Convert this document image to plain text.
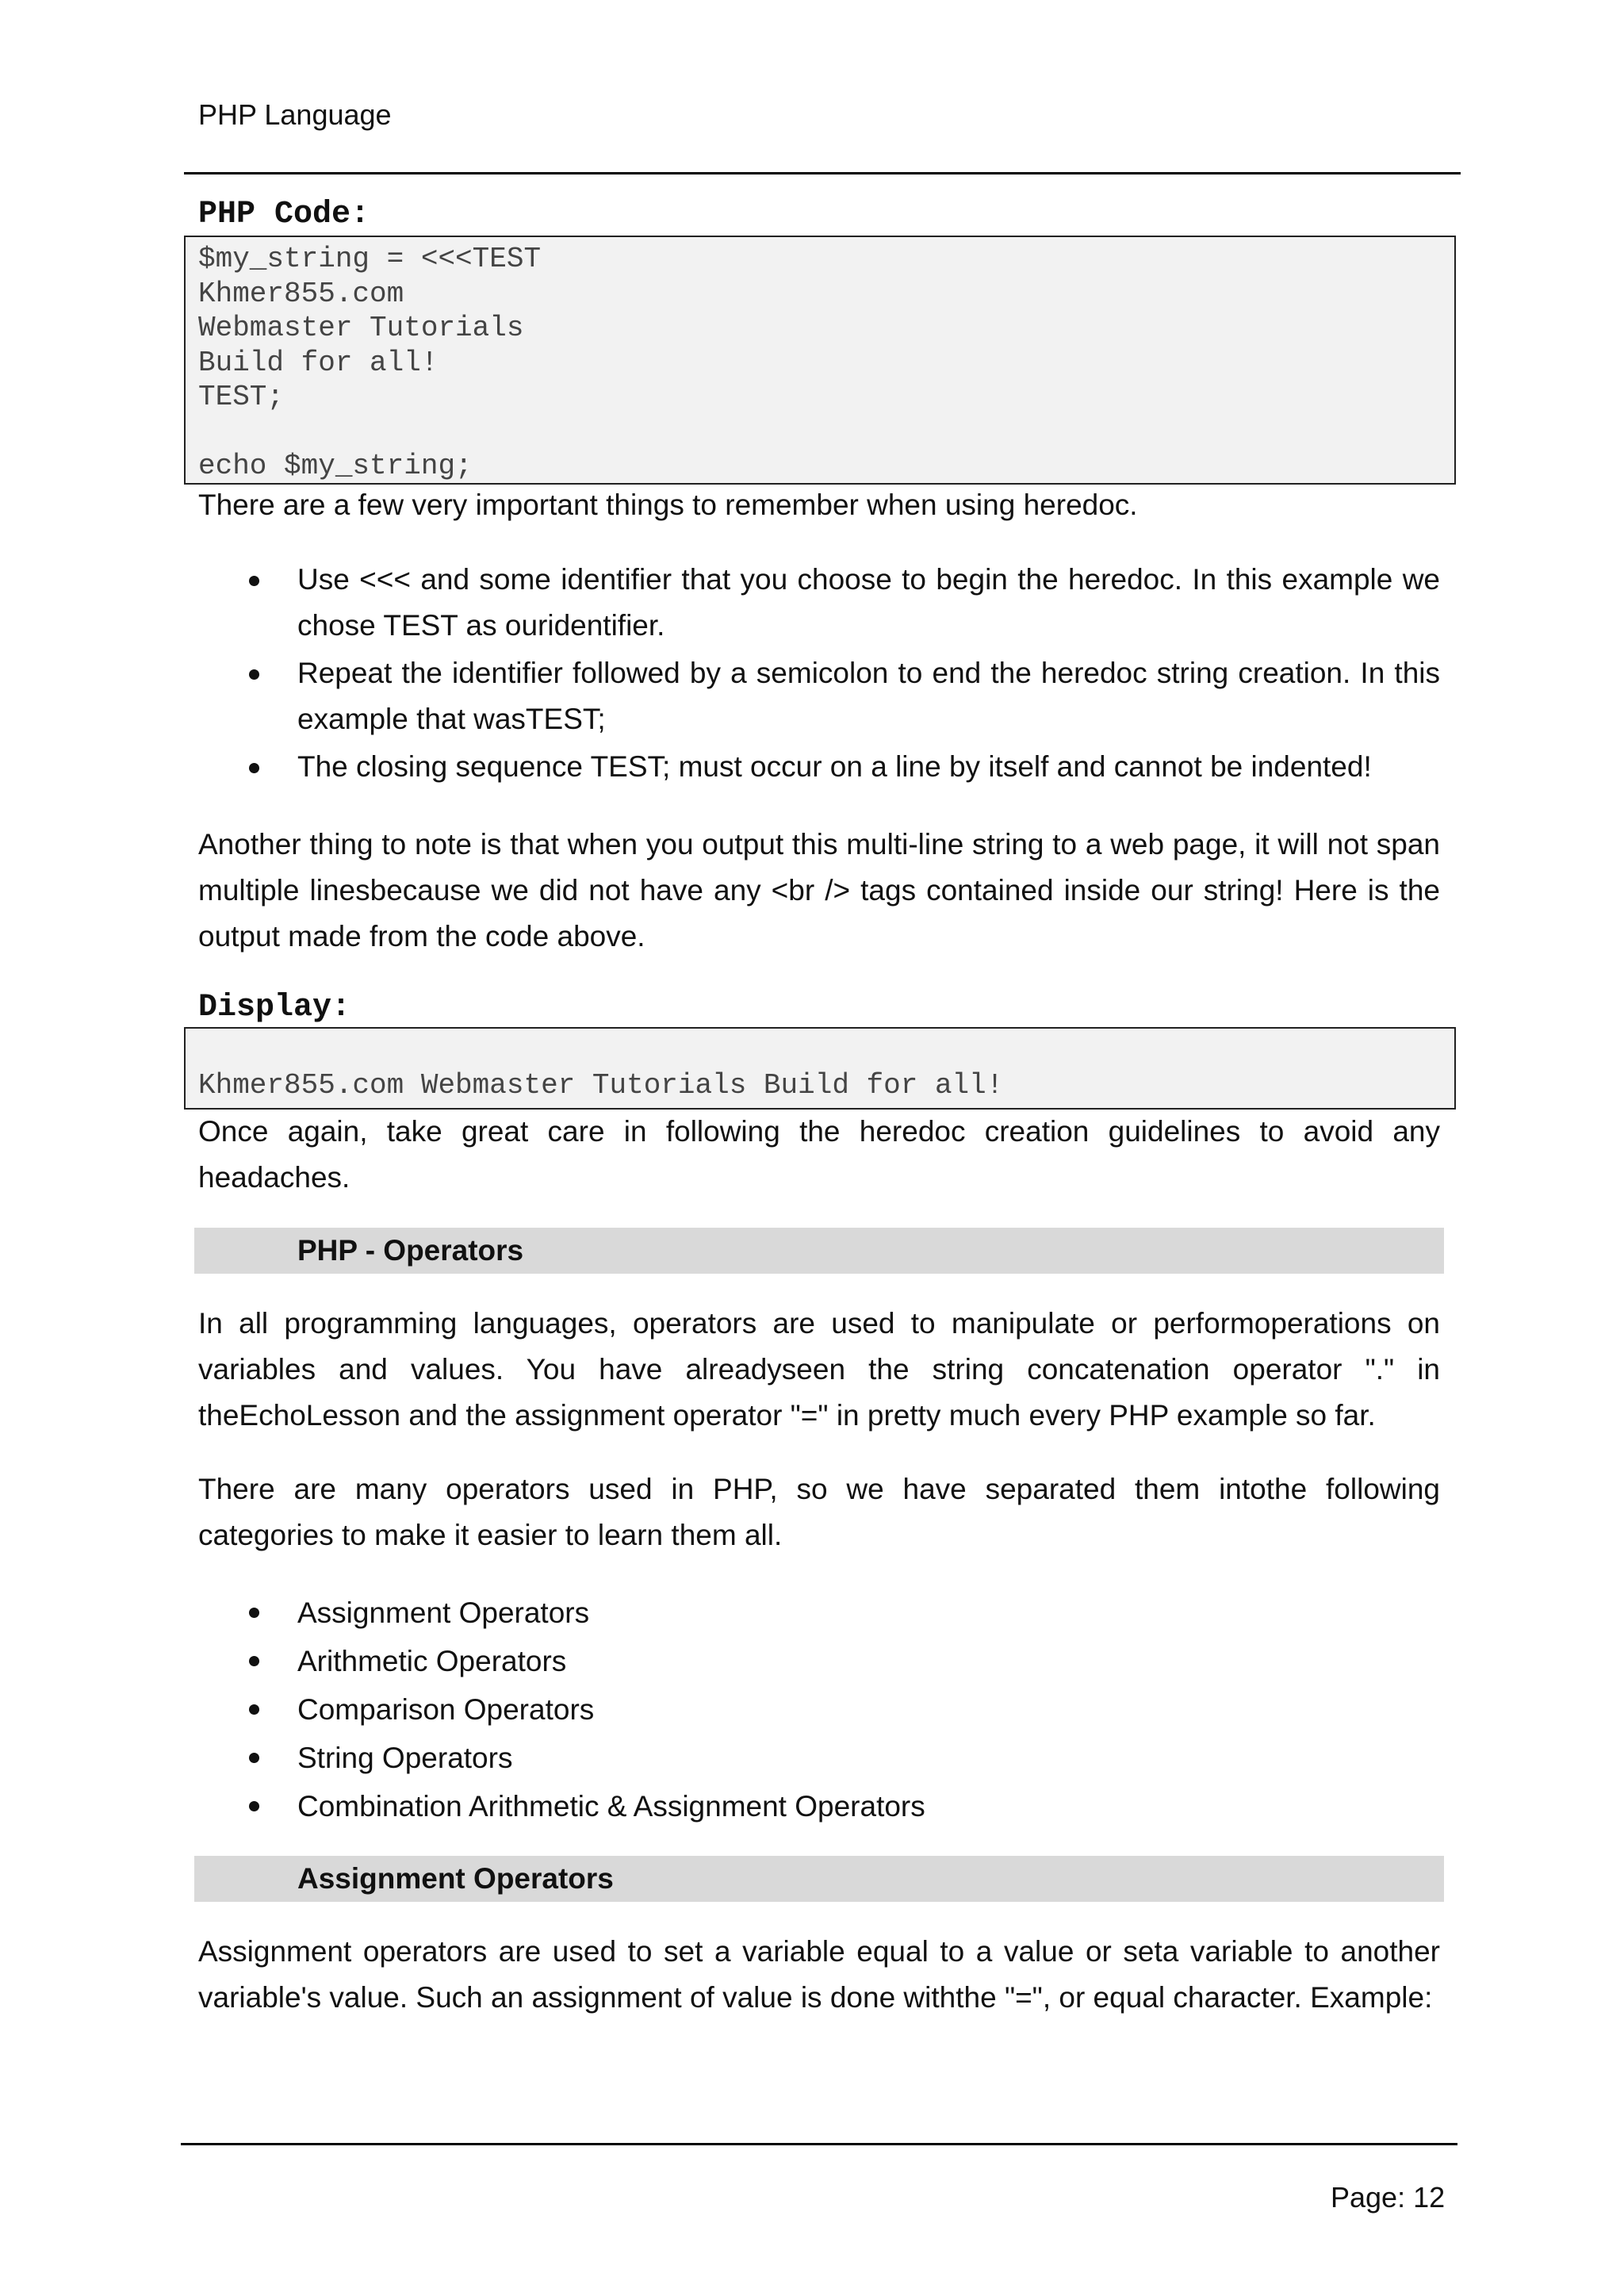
PHP Language
PHP Code:
$my_string = <<<TEST
Khmer855.com
Webmaster Tutorials
Build for all!
TEST;
echo $my_string;
There are a few very important things to remember when using heredoc.
Use <<< and some identifier that you choose to begin the heredoc. In this example we chose TEST as ouridentifier.
Repeat the identifier followed by a semicolon to end the heredoc string creation. In this example that wasTEST;
The closing sequence TEST; must occur on a line by itself and cannot be indented!
Another thing to note is that when you output this multi-line string to a web page, it will not span multiple linesbecause we did not have any <br /> tags contained inside our string! Here is the output made from the code above.
Display:
Khmer855.com Webmaster Tutorials Build for all!
Once again, take great care in following the heredoc creation guidelines to avoid any headaches.
PHP - Operators
In all programming languages, operators are used to manipulate or performoperations on variables and values. You have alreadyseen the string concatenation operator "." in theEchoLesson and the assignment operator "=" in pretty much every PHP example so far.
There are many operators used in PHP, so we have separated them intothe following categories to make it easier to learn them all.
Assignment Operators
Arithmetic Operators
Comparison Operators
String Operators
Combination Arithmetic & Assignment Operators
Assignment Operators
Assignment operators are used to set a variable equal to a value or seta variable to another variable's value. Such an assignment of value is done withthe "=", or equal character. Example:
Page: 12
